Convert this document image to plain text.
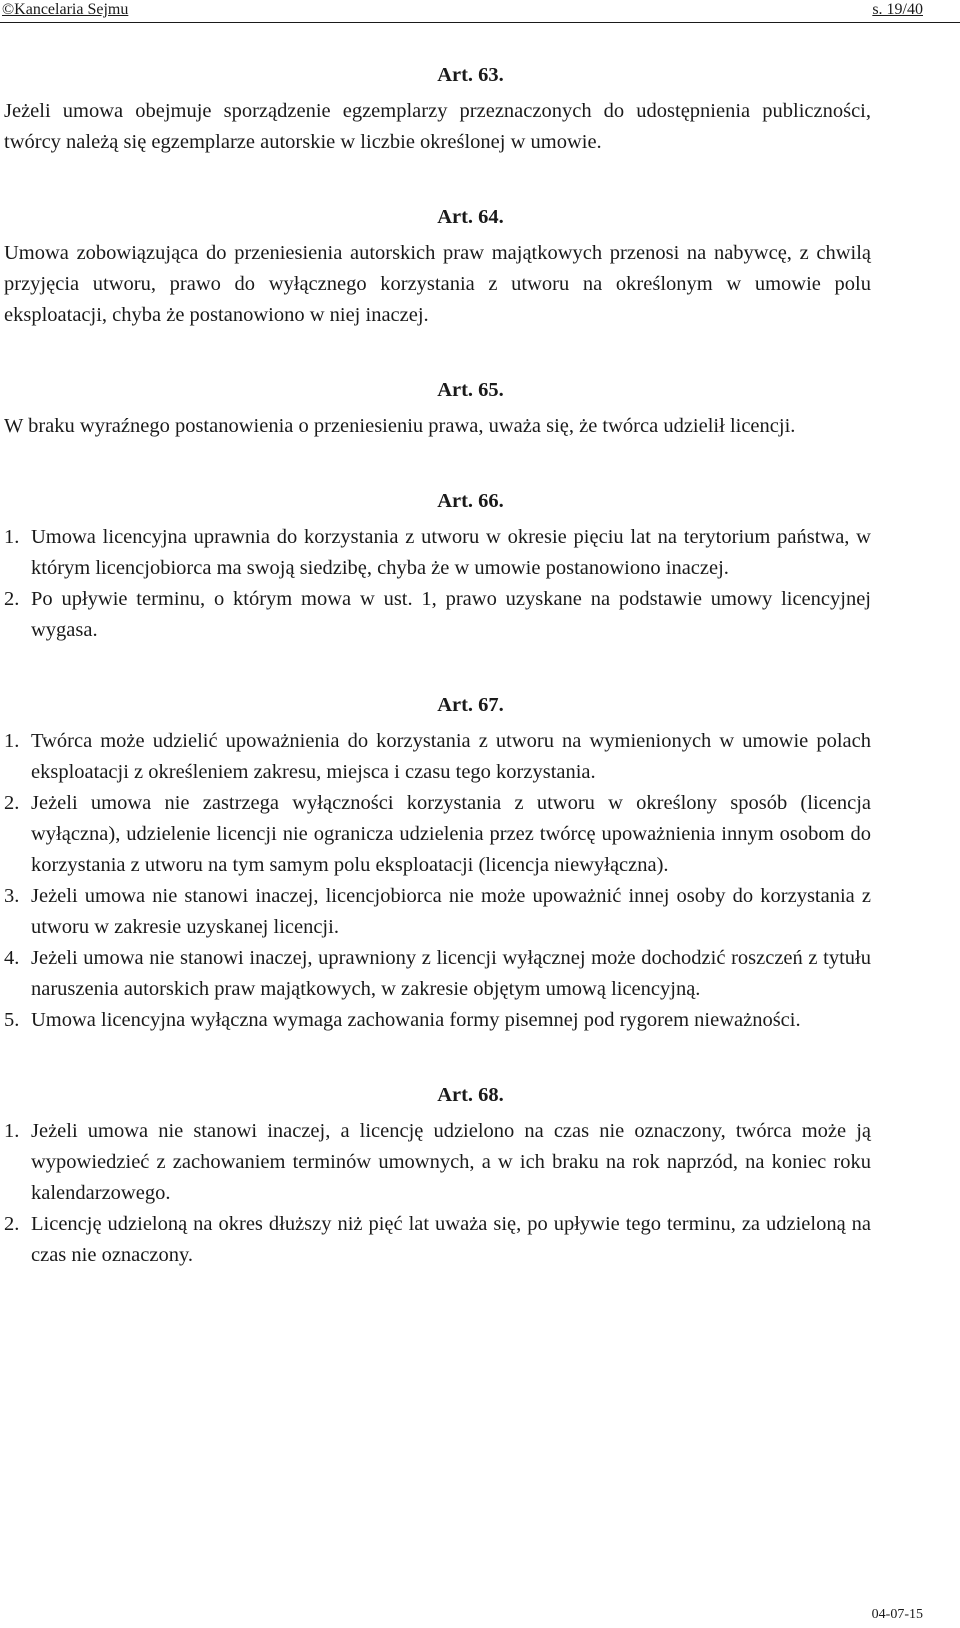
©Kancelaria Sejmu	s. 19/40
Art. 63.

Jeżeli umowa obejmuje sporządzenie egzemplarzy przeznaczonych do udostępnienia publiczności, twórcy należą się egzemplarze autorskie w liczbie określonej w umowie.

Art. 64.

Umowa zobowiązująca do przeniesienia autorskich praw majątkowych przenosi na nabywcę, z chwilą przyjęcia utworu, prawo do wyłącznego korzystania z utworu na określonym w umowie polu eksploatacji, chyba że postanowiono w niej inaczej.

Art. 65.

W braku wyraźnego postanowienia o przeniesieniu prawa, uważa się, że twórca udzielił licencji.

Art. 66.
1. Umowa licencyjna uprawnia do korzystania z utworu w okresie pięciu lat na terytorium państwa, w którym licencjobiorca ma swoją siedzibę, chyba że w umowie postanowiono inaczej.
2. Po upływie terminu, o którym mowa w ust. 1, prawo uzyskane na podstawie umowy licencyjnej wygasa.
Art. 67.
1. Twórca może udzielić upoważnienia do korzystania z utworu na wymienionych w umowie polach eksploatacji z określeniem zakresu, miejsca i czasu tego korzystania.
2. Jeżeli umowa nie zastrzega wyłączności korzystania z utworu w określony sposób (licencja wyłączna), udzielenie licencji nie ogranicza udzielenia przez twórcę upoważnienia innym osobom do korzystania z utworu na tym samym polu eksploatacji (licencja niewyłączna).
3. Jeżeli umowa nie stanowi inaczej, licencjobiorca nie może upoważnić innej osoby do korzystania z utworu w zakresie uzyskanej licencji.
4. Jeżeli umowa nie stanowi inaczej, uprawniony z licencji wyłącznej może dochodzić roszczeń z tytułu naruszenia autorskich praw majątkowych, w zakresie objętym umową licencyjną.
5. Umowa licencyjna wyłączna wymaga zachowania formy pisemnej pod rygorem nieważności.
Art. 68.
1. Jeżeli umowa nie stanowi inaczej, a licencję udzielono na czas nie oznaczony, twórca może ją wypowiedzieć z zachowaniem terminów umownych, a w ich braku na rok naprzód, na koniec roku kalendarzowego.
2. Licencję udzieloną na okres dłuższy niż pięć lat uważa się, po upływie tego terminu, za udzieloną na czas nie oznaczony.
04-07-15
